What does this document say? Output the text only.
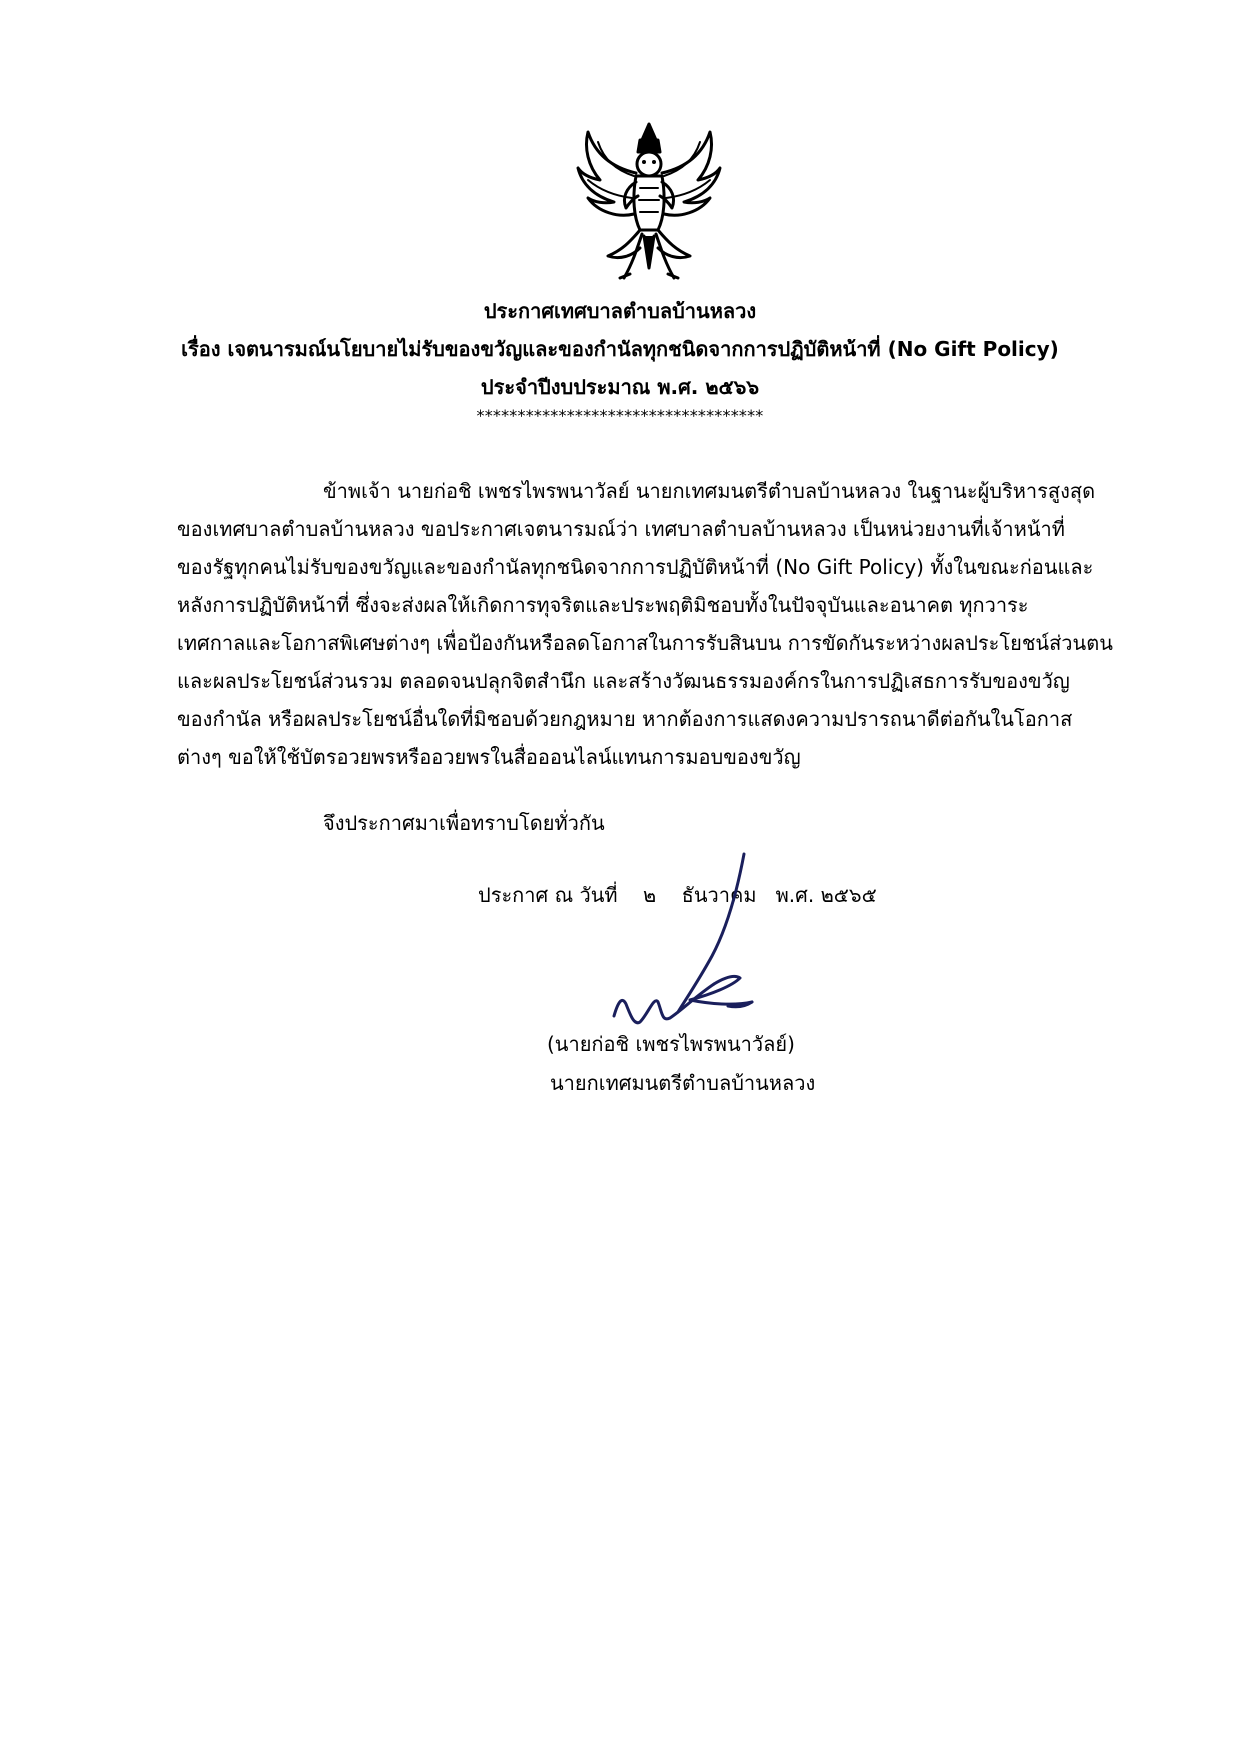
ประกาศเทศบาลตำบลบ้านหลวง
เรื่อง เจตนารมณ์นโยบายไม่รับของขวัญและของกำนัลทุกชนิดจากการปฏิบัติหน้าที่ (No Gift Policy)
ประจำปีงบประมาณ พ.ศ. ๒๕๖๖
***********************************
ข้าพเจ้า นายก่อชิ เพชรไพรพนาวัลย์ นายกเทศมนตรีตำบลบ้านหลวง ในฐานะผู้บริหารสูงสุด
ของเทศบาลตำบลบ้านหลวง ขอประกาศเจตนารมณ์ว่า เทศบาลตำบลบ้านหลวง เป็นหน่วยงานที่เจ้าหน้าที่
ของรัฐทุกคนไม่รับของขวัญและของกำนัลทุกชนิดจากการปฏิบัติหน้าที่ (No Gift Policy) ทั้งในขณะก่อนและ
หลังการปฏิบัติหน้าที่ ซึ่งจะส่งผลให้เกิดการทุจริตและประพฤติมิชอบทั้งในปัจจุบันและอนาคต ทุกวาระ
เทศกาลและโอกาสพิเศษต่างๆ เพื่อป้องกันหรือลดโอกาสในการรับสินบน การขัดกันระหว่างผลประโยชน์ส่วนตน
และผลประโยชน์ส่วนรวม ตลอดจนปลุกจิตสำนึก และสร้างวัฒนธรรมองค์กรในการปฏิเสธการรับของขวัญ
ของกำนัล หรือผลประโยชน์อื่นใดที่มิชอบด้วยกฎหมาย หากต้องการแสดงความปรารถนาดีต่อกันในโอกาส
ต่างๆ ขอให้ใช้บัตรอวยพรหรืออวยพรในสื่อออนไลน์แทนการมอบของขวัญ
จึงประกาศมาเพื่อทราบโดยทั่วกัน
ประกาศ ณ วันที่ ๒ ธันวาคม พ.ศ. ๒๕๖๕
(นายก่อชิ เพชรไพรพนาวัลย์)
นายกเทศมนตรีตำบลบ้านหลวง
